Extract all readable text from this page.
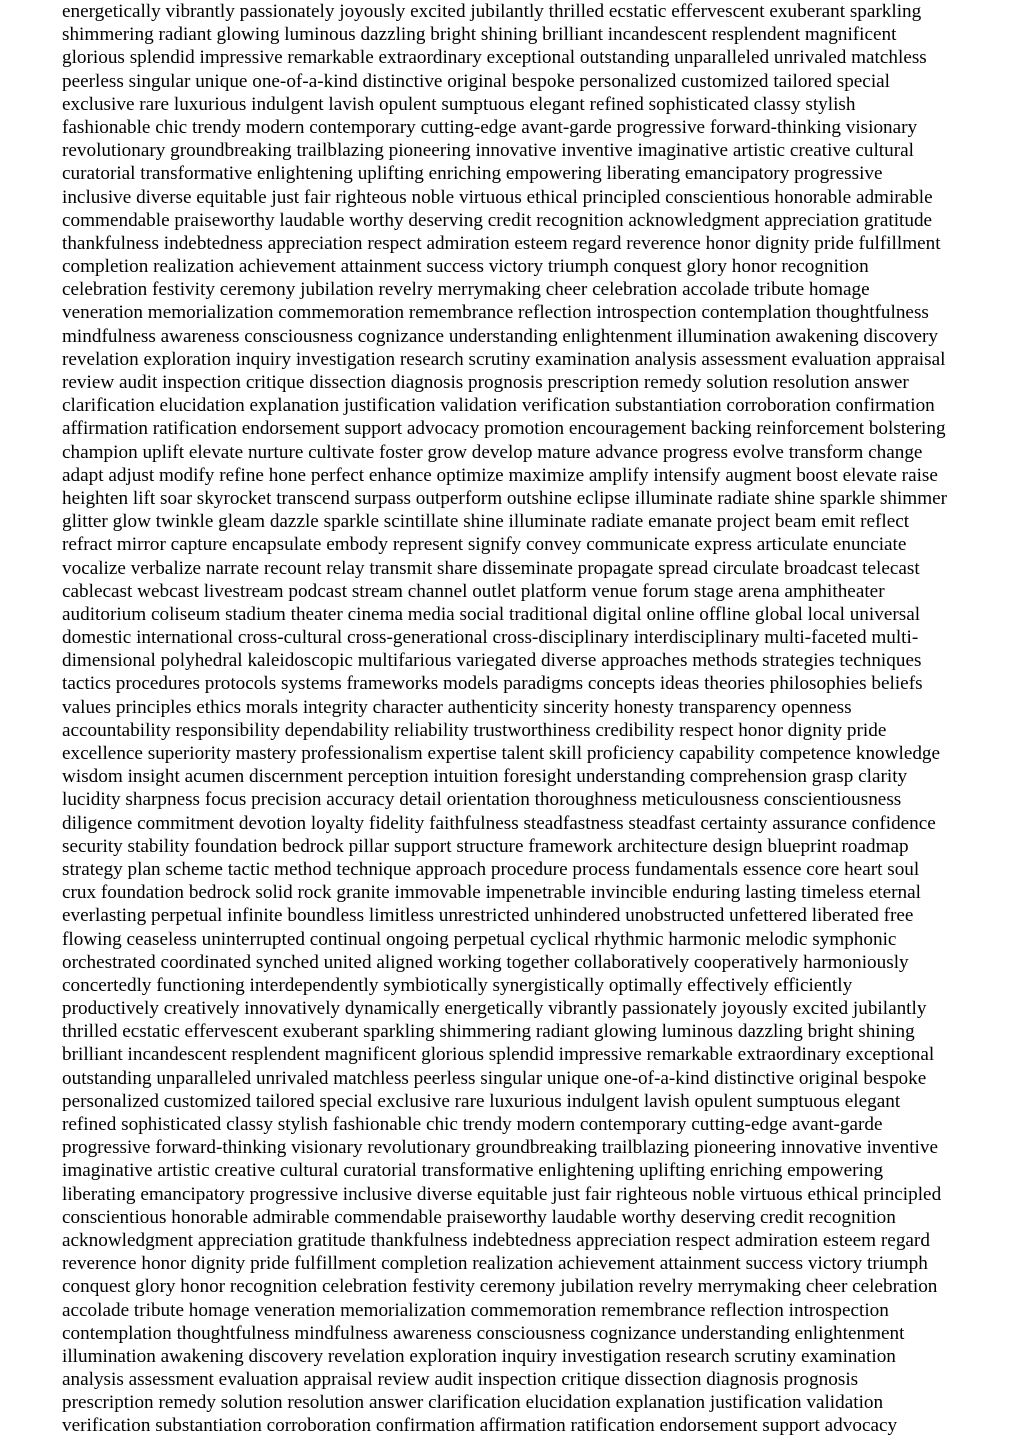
energetically vibrantly passionately joyously excited jubilantly thrilled ecstatic effervescent exuberant sparkling

shimmering radiant glowing luminous dazzling bright shining brilliant incandescent resplendent magnificent

glorious splendid impressive remarkable extraordinary exceptional outstanding unparalleled unrivaled matchless

peerless singular unique one-of-a-kind distinctive original bespoke personalized customized tailored special

exclusive rare luxurious indulgent lavish opulent sumptuous elegant refined sophisticated classy stylish

fashionable chic trendy modern contemporary cutting-edge avant-garde progressive forward-thinking visionary

revolutionary groundbreaking trailblazing pioneering innovative inventive imaginative artistic creative cultural

curatorial transformative enlightening uplifting enriching empowering liberating emancipatory progressive

inclusive diverse equitable just fair righteous noble virtuous ethical principled conscientious honorable admirable

commendable praiseworthy laudable worthy deserving credit recognition acknowledgment appreciation gratitude

thankfulness indebtedness appreciation respect admiration esteem regard reverence honor dignity pride fulfillment

completion realization achievement attainment success victory triumph conquest glory honor recognition

celebration festivity ceremony jubilation revelry merrymaking cheer celebration accolade tribute homage

veneration memorialization commemoration remembrance reflection introspection contemplation thoughtfulness

mindfulness awareness consciousness cognizance understanding enlightenment illumination awakening discovery

revelation exploration inquiry investigation research scrutiny examination analysis assessment evaluation appraisal

review audit inspection critique dissection diagnosis prognosis prescription remedy solution resolution answer

clarification elucidation explanation justification validation verification substantiation corroboration confirmation

affirmation ratification endorsement support advocacy promotion encouragement backing reinforcement bolstering

champion uplift elevate nurture cultivate foster grow develop mature advance progress evolve transform change

adapt adjust modify refine hone perfect enhance optimize maximize amplify intensify augment boost elevate raise

heighten lift soar skyrocket transcend surpass outperform outshine eclipse illuminate radiate shine sparkle shimmer

glitter glow twinkle gleam dazzle sparkle scintillate shine illuminate radiate emanate project beam emit reflect

refract mirror capture encapsulate embody represent signify convey communicate express articulate enunciate

vocalize verbalize narrate recount relay transmit share disseminate propagate spread circulate broadcast telecast

cablecast webcast livestream podcast stream channel outlet platform venue forum stage arena amphitheater

auditorium coliseum stadium theater cinema media social traditional digital online offline global local universal

domestic international cross-cultural cross-generational cross-disciplinary interdisciplinary multi-faceted multi-

dimensional polyhedral kaleidoscopic multifarious variegated diverse approaches methods strategies techniques

tactics procedures protocols systems frameworks models paradigms concepts ideas theories philosophies beliefs

values principles ethics morals integrity character authenticity sincerity honesty transparency openness

accountability responsibility dependability reliability trustworthiness credibility respect honor dignity pride

excellence superiority mastery professionalism expertise talent skill proficiency capability competence knowledge

wisdom insight acumen discernment perception intuition foresight understanding comprehension grasp clarity

lucidity sharpness focus precision accuracy detail orientation thoroughness meticulousness conscientiousness

diligence commitment devotion loyalty fidelity faithfulness steadfastness steadfast certainty assurance confidence

security stability foundation bedrock pillar support structure framework architecture design blueprint roadmap

strategy plan scheme tactic method technique approach procedure process fundamentals essence core heart soul

crux foundation bedrock solid rock granite immovable impenetrable invincible enduring lasting timeless eternal

everlasting perpetual infinite boundless limitless unrestricted unhindered unobstructed unfettered liberated free

flowing ceaseless uninterrupted continual ongoing perpetual cyclical rhythmic harmonic melodic symphonic

orchestrated coordinated synched united aligned working together collaboratively cooperatively harmoniously

concertedly functioning interdependently symbiotically synergistically optimally effectively efficiently

productively creatively innovatively dynamically energetically vibrantly passionately joyously excited jubilantly

thrilled ecstatic effervescent exuberant sparkling shimmering radiant glowing luminous dazzling bright shining

brilliant incandescent resplendent magnificent glorious splendid impressive remarkable extraordinary exceptional

outstanding unparalleled unrivaled matchless peerless singular unique one-of-a-kind distinctive original bespoke

personalized customized tailored special exclusive rare luxurious indulgent lavish opulent sumptuous elegant

refined sophisticated classy stylish fashionable chic trendy modern contemporary cutting-edge avant-garde

progressive forward-thinking visionary revolutionary groundbreaking trailblazing pioneering innovative inventive

imaginative artistic creative cultural curatorial transformative enlightening uplifting enriching empowering

liberating emancipatory progressive inclusive diverse equitable just fair righteous noble virtuous ethical principled

conscientious honorable admirable commendable praiseworthy laudable worthy deserving credit recognition

acknowledgment appreciation gratitude thankfulness indebtedness appreciation respect admiration esteem regard

reverence honor dignity pride fulfillment completion realization achievement attainment success victory triumph

conquest glory honor recognition celebration festivity ceremony jubilation revelry merrymaking cheer celebration

accolade tribute homage veneration memorialization commemoration remembrance reflection introspection

contemplation thoughtfulness mindfulness awareness consciousness cognizance understanding enlightenment

illumination awakening discovery revelation exploration inquiry investigation research scrutiny examination

analysis assessment evaluation appraisal review audit inspection critique dissection diagnosis prognosis

prescription remedy solution resolution answer clarification elucidation explanation justification validation

verification substantiation corroboration confirmation affirmation ratification endorsement support advocacy
